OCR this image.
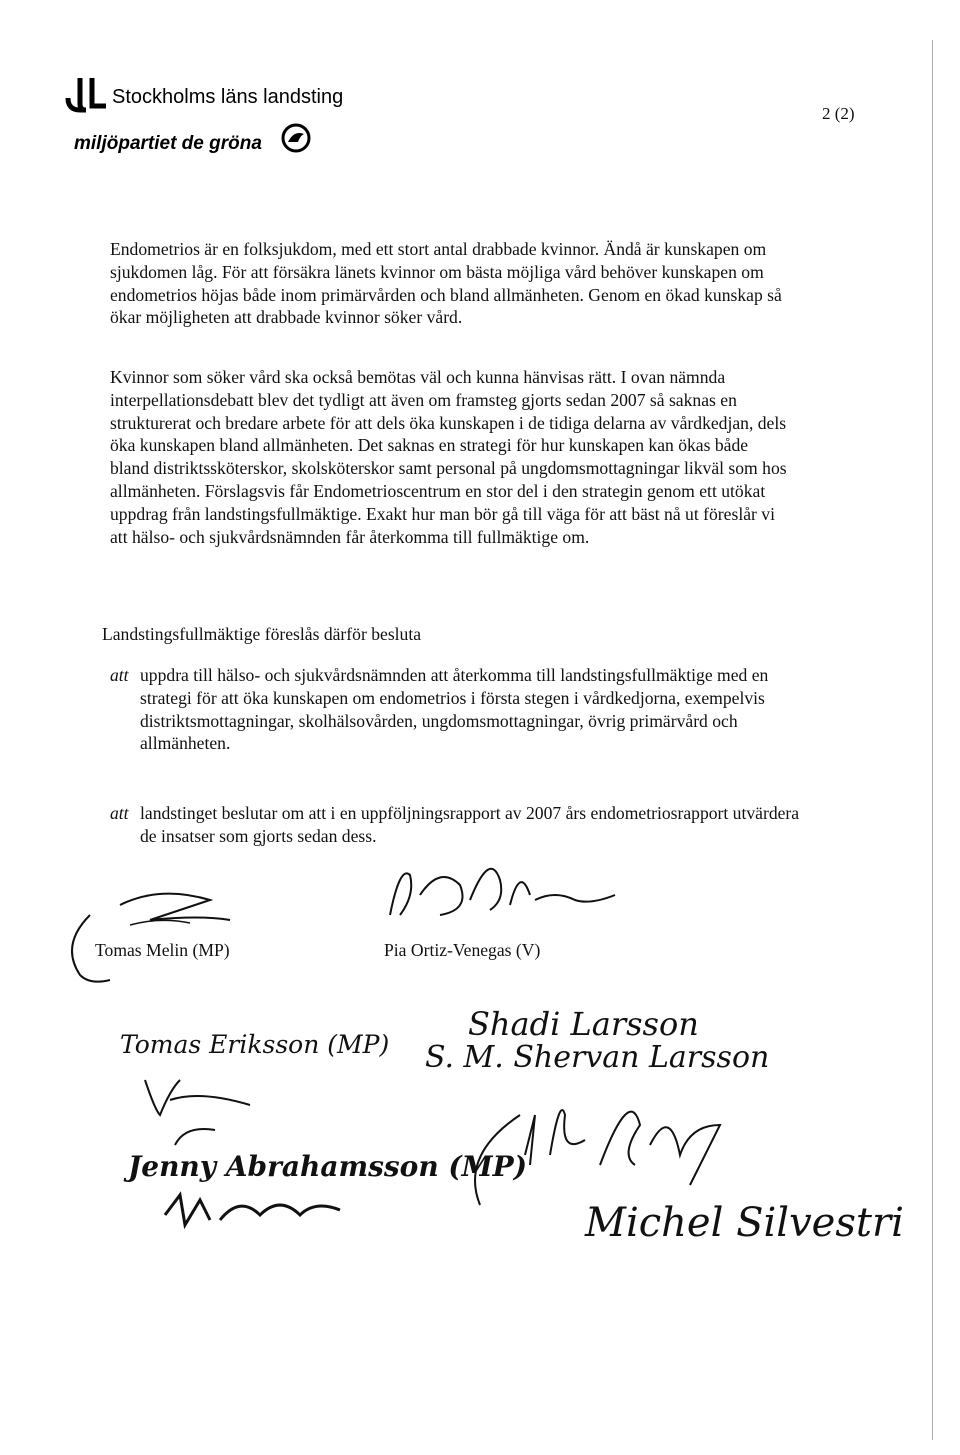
Stockholms läns landsting
miljöpartiet de gröna
2 (2)

Endometrios är en folksjukdom, med ett stort antal drabbade kvinnor. Ändå är kunskapen om sjukdomen låg. För att försäkra länets kvinnor om bästa möjliga vård behöver kunskapen om endometrios höjas både inom primärvården och bland allmänheten. Genom en ökad kunskap så ökar möjligheten att drabbade kvinnor söker vård.

Kvinnor som söker vård ska också bemötas väl och kunna hänvisas rätt. I ovan nämnda interpellationsdebatt blev det tydligt att även om framsteg gjorts sedan 2007 så saknas en strukturerat och bredare arbete för att dels öka kunskapen i de tidiga delarna av vårdkedjan, dels öka kunskapen bland allmänheten. Det saknas en strategi för hur kunskapen kan ökas både bland distriktssköterskor, skolsköterskor samt personal på ungdomsmottagningar likväl som hos allmänheten. Förslagsvis får Endometrioscentrum en stor del i den strategin genom ett utökat uppdrag från landstingsfullmäktige. Exakt hur man bör gå till väga för att bäst nå ut föreslår vi att hälso- och sjukvårdsnämnden får återkomma till fullmäktige om.

Landstingsfullmäktige föreslås därför besluta
att uppdra till hälso- och sjukvårdsnämnden att återkomma till landstingsfullmäktige med en strategi för att öka kunskapen om endometrios i första stegen i vårdkedjorna, exempelvis distriktsmottagningar, skolhälsovården, ungdomsmottagningar, övrig primärvård och allmänheten.
att landstinget beslutar om att i en uppföljningsrapport av 2007 års endometriosrapport utvärdera de insatser som gjorts sedan dess.
Tomas Melin (MP)	Pia Ortiz-Venegas (V)
Tomas Eriksson (MP)
Shadi Larsson
S. M. Shervan Larsson
Jenny Abrahamsson (MP)
Michel Silvestri
